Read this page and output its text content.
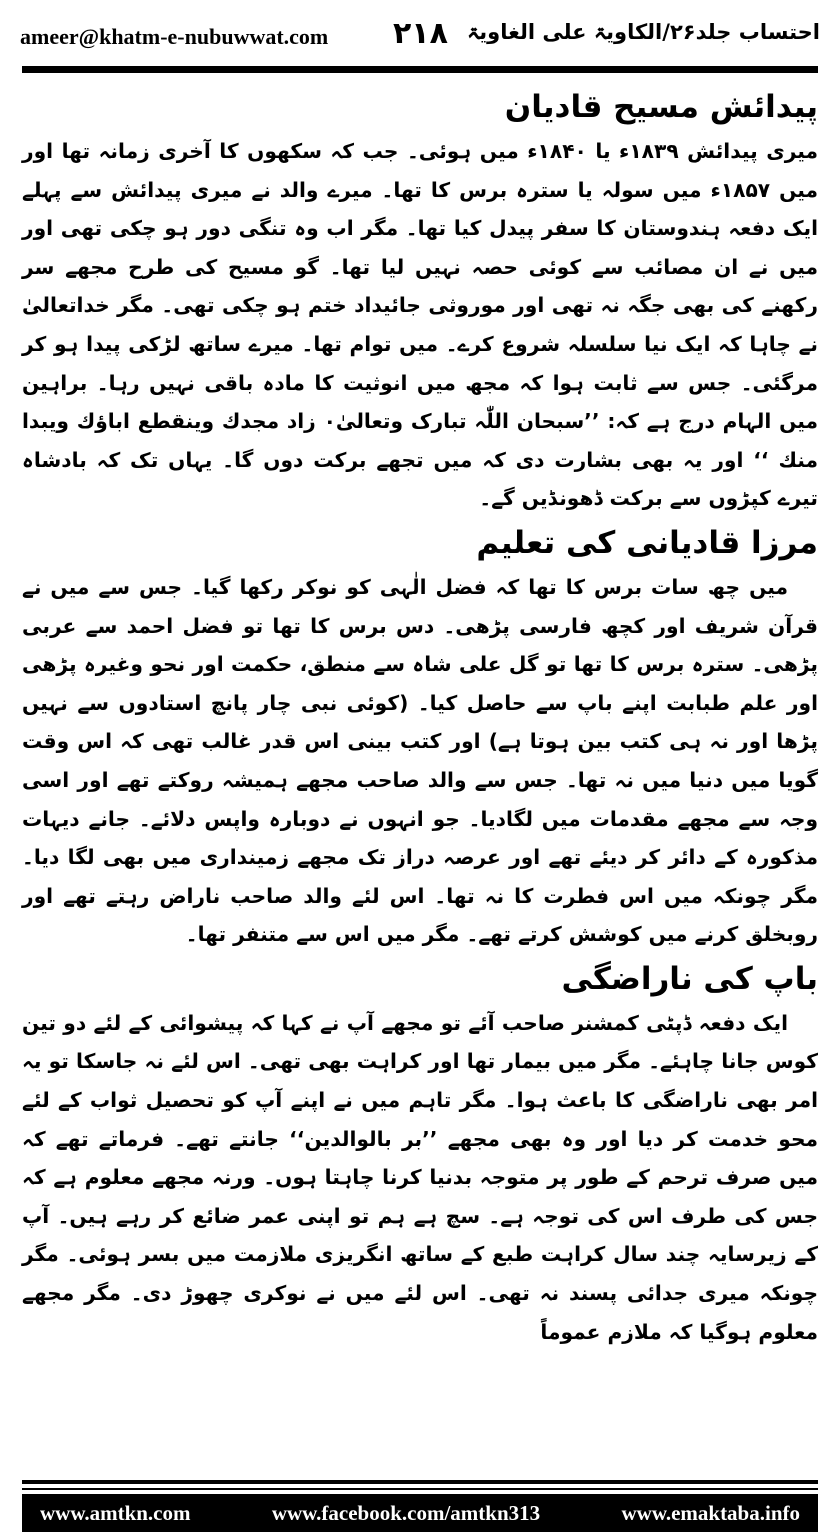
ameer@khatm-e-nubuwwat.com ۲۱۸ احتساب جلد۲۶/الکاویۃ علی الغاویۃ
پیدائش مسیح قادیان

میری پیدائش ۱۸۳۹ء یا ۱۸۴۰ء میں ہوئی۔ جب کہ سکھوں کا آخری زمانہ تھا اور میں ۱۸۵۷ء میں سولہ یا سترہ برس کا تھا۔ میرے والد نے میری پیدائش سے پہلے ایک دفعہ ہندوستان کا سفر پیدل کیا تھا۔ مگر اب وہ تنگی دور ہو چکی تھی اور میں نے ان مصائب سے کوئی حصہ نہیں لیا تھا۔ گو مسیح کی طرح مجھے سر رکھنے کی بھی جگہ نہ تھی اور موروثی جائیداد ختم ہو چکی تھی۔ مگر خداتعالیٰ نے چاہا کہ ایک نیا سلسلہ شروع کرے۔ میں توام تھا۔ میرے ساتھ لڑکی پیدا ہو کر مرگئی۔ جس سے ثابت ہوا کہ مجھ میں انوثیت کا مادہ باقی نہیں رہا۔ براہین میں الہام درج ہے کہ: ’’سبحان اللّٰہ تبارک وتعالیٰ۰ زاد مجدك وینقطع اباؤك ویبدا منك ‘‘ اور یہ بھی بشارت دی کہ میں تجھے برکت دوں گا۔ یہاں تک کہ بادشاہ تیرے کپڑوں سے برکت ڈھونڈیں گے۔

مرزا قادیانی کی تعلیم

میں چھ سات برس کا تھا کہ فضل الٰہی کو نوکر رکھا گیا۔ جس سے میں نے قرآن شریف اور کچھ فارسی پڑھی۔ دس برس کا تھا تو فضل احمد سے عربی پڑھی۔ سترہ برس کا تھا تو گل علی شاہ سے منطق، حکمت اور نحو وغیرہ پڑھی اور علم طبابت اپنے باپ سے حاصل کیا۔ (کوئی نبی چار پانچ استادوں سے نہیں پڑھا اور نہ ہی کتب بین ہوتا ہے) اور کتب بینی اس قدر غالب تھی کہ اس وقت گویا میں دنیا میں نہ تھا۔ جس سے والد صاحب مجھے ہمیشہ روکتے تھے اور اسی وجہ سے مجھے مقدمات میں لگادیا۔ جو انہوں نے دوبارہ واپس دلائے۔ جانے دیہات مذکورہ کے دائر کر دیئے تھے اور عرصہ دراز تک مجھے زمینداری میں بھی لگا دیا۔ مگر چونکہ میں اس فطرت کا نہ تھا۔ اس لئے والد صاحب ناراض رہتے تھے اور روبخلق کرنے میں کوشش کرتے تھے۔ مگر میں اس سے متنفر تھا۔

باپ کی ناراضگی

ایک دفعہ ڈپٹی کمشنر صاحب آئے تو مجھے آپ نے کہا کہ پیشوائی کے لئے دو تین کوس جانا چاہئے۔ مگر میں بیمار تھا اور کراہت بھی تھی۔ اس لئے نہ جاسکا تو یہ امر بھی ناراضگی کا باعث ہوا۔ مگر تاہم میں نے اپنے آپ کو تحصیل ثواب کے لئے محو خدمت کر دیا اور وہ بھی مجھے ’’بر بالوالدین‘‘ جانتے تھے۔ فرماتے تھے کہ میں صرف ترحم کے طور پر متوجہ بدنیا کرنا چاہتا ہوں۔ ورنہ مجھے معلوم ہے کہ جس کی طرف اس کی توجہ ہے۔ سچ ہے ہم تو اپنی عمر ضائع کر رہے ہیں۔ آپ کے زیرسایہ چند سال کراہت طبع کے ساتھ انگریزی ملازمت میں بسر ہوئی۔ مگر چونکہ میری جدائی پسند نہ تھی۔ اس لئے میں نے نوکری چھوڑ دی۔ مگر مجھے معلوم ہوگیا کہ ملازم عموماً

www.amtkn.com	www.facebook.com/amtkn313	www.emaktaba.info
